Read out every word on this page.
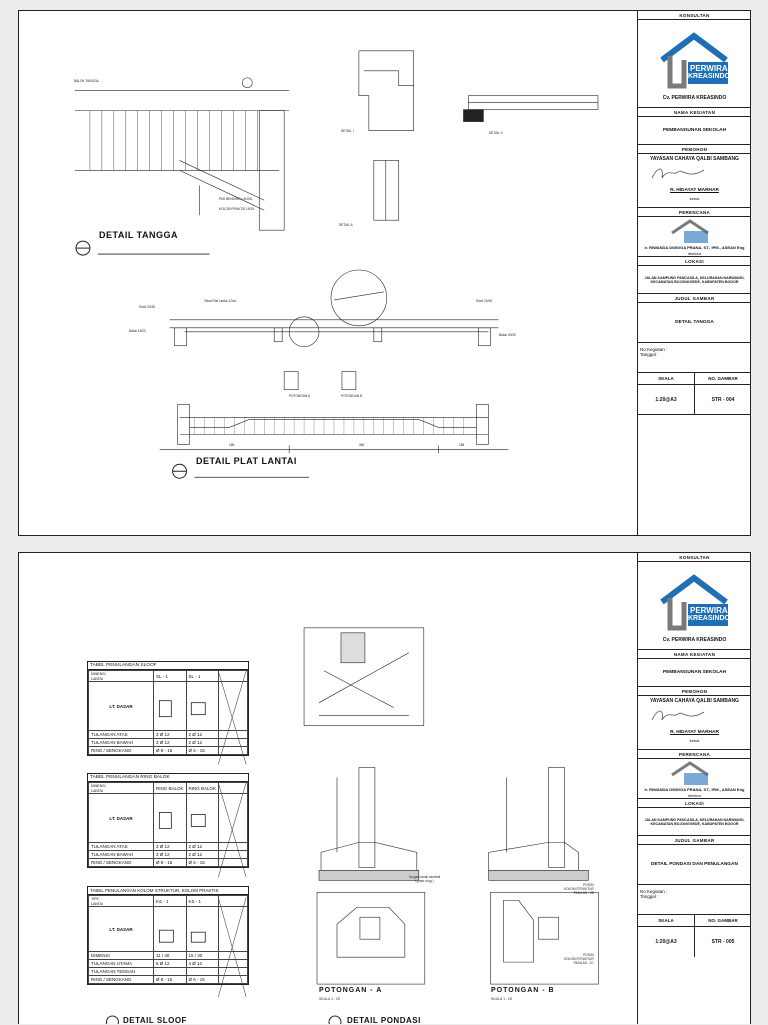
DETAIL TANGGA
DETAIL PLAT LANTAI
BALOK TANGGA
DETAIL I	DETAIL II
DETAIL A
PAS BENDING LANTAI
KOLOM PRAKTIS 15/15
Sloof 20/30
Sloof 20/30
Balok 15/20
Balok 20/30
Tebal Plat Lantai 12cm
POTONGAN A	POTONGAN B
185	360	185
KONSULTAN
PERWIRA
KREASINDO
Cv. PERWIRA KREASINDO
NAMA KEGIATAN
PEMBANGUNAN SEKOLAH
PEMOHON
YAYASAN CAHAYA QALBI SAMBANG
R. HIDAYAT MARHAR
ketua
PERENCANA
Ir. RIWANDA DWIGGA PRANA, ST., IPM., ASEAN Eng
direktur
LOKASI
JALAN KAMPUNG PANCASILA, KELURAHAN NARWANGI, KECAMATAN BOJONGGEDE, KABUPATEN BOGOR
JUDUL GAMBAR
DETAIL TANGGA
No Kegiatan :
Tanggal :
SKALA	NO. GAMBAR
1:20@A3	STR - 004
TABEL PENULANGAN SLOOF
DIMENSI
LANTAI	SL - 1	SL - 1	
LT. DASAR			
TULANGAN ATAS	3 Ø 12	2 Ø 12	
TULANGAN BAWAH	3 Ø 12	2 Ø 12	
RING / SENGKANG	Ø 8 - 15	Ø 6 - 15	
TABEL PENULANGAN RING BALOK
DIMENSI
LANTAI	RING BALOK	RING BALOK	
LT. DASAR			
TULANGAN ATAS	3 Ø 12	2 Ø 12	
TULANGAN BAWAH	3 Ø 12	2 Ø 12	
RING / SENGKANG	Ø 8 - 15	Ø 6 - 15	
TABEL PENULANGAN KOLOM STRUKTUR, KOLOM PRAKTIS
TIPE
LANTAI	KS - 1	KS - 1	
LT. DASAR			
DIMENSI	11 / 40	15 / 30	
TULANGAN UTAMA	6 Ø 12	4 Ø 12	
TULANGAN TENGAH			
RING / SENGKANG	Ø 8 - 15	Ø 6 - 15	
Urugan tanah kembali
( pasir urug )
POSISI
KOLOM STRUKTUR
PADA AS - 2B
POSISI
KOLOM STRUKTUR
PADA AS - 2C
POTONGAN - A
SKALA 1 : 25
POTONGAN - B
SKALA 1 : 25
DETAIL SLOOF	DETAIL PONDASI
KONSULTAN
PERWIRA
KREASINDO
Cv. PERWIRA KREASINDO
NAMA KEGIATAN
PEMBANGUNAN SEKOLAH
PEMOHON
YAYASAN CAHAYA QALBI SAMBANG
R. HIDAYAT MARHAR
ketua
PERENCANA
Ir. RIWANDA DWIGGA PRANA, ST., IPM., ASEAN Eng
direktur
LOKASI
JALAN KAMPUNG PANCASILA, KELURAHAN NARWANGI, KECAMATAN BOJONGGEDE, KABUPATEN BOGOR
JUDUL GAMBAR
DETAIL PONDASI DAN PENULANGAN
No Kegiatan :
Tanggal :
SKALA	NO. GAMBAR
1:20@A3	STR - 005
